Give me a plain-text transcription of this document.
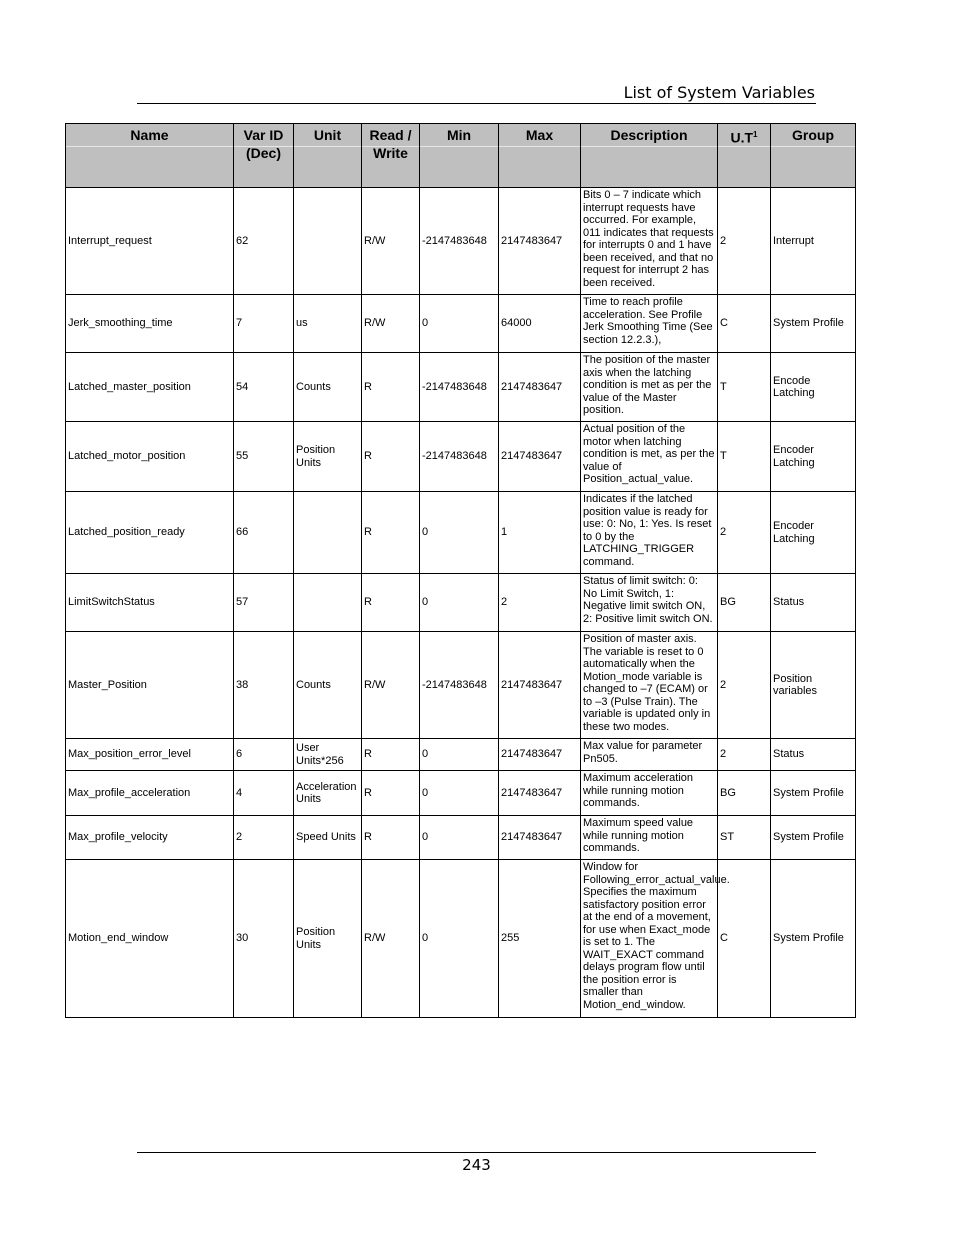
List of System Variables
Name	Var ID (Dec)	Unit	Read / Write	Min	Max	Description	$U.T^1$	Group

Interrupt_request	62		R/W	-2147483648	2147483647	Bits 0 – 7 indicate which interrupt requests have occurred. For example, 011 indicates that requests for interrupts 0 and 1 have been received, and that no request for interrupt 2 has been received.	2	Interrupt
Jerk_smoothing_time	7	us	R/W	0	64000	Time to reach profile acceleration. See Profile Jerk Smoothing Time (See section 12.2.3.),	C	System Profile
Latched_master_position	54	Counts	R	-2147483648	2147483647	The position of the master axis when the latching condition is met as per the value of the Master position.	T	Encode Latching
Latched_motor_position	55	Position Units	R	-2147483648	2147483647	Actual position of the motor when latching condition is met, as per the value of Position_actual_value.	T	Encoder Latching
Latched_position_ready	66		R	0	1	Indicates if the latched position value is ready for use: 0: No, 1: Yes. Is reset to 0 by the LATCHING_TRIGGER command.	2	Encoder Latching
LimitSwitchStatus	57		R	0	2	Status of limit switch: 0: No Limit Switch, 1: Negative limit switch ON, 2: Positive limit switch ON.	BG	Status
Master_Position	38	Counts	R/W	-2147483648	2147483647	Position of master axis. The variable is reset to 0 automatically when the Motion_mode variable is changed to –7 (ECAM) or to –3 (Pulse Train). The variable is updated only in these two modes.	2	Position variables
Max_position_error_level	6	User Units*256	R	0	2147483647	Max value for parameter Pn505.	2	Status
Max_profile_acceleration	4	Acceleration Units	R	0	2147483647	Maximum acceleration while running motion commands.	BG	System Profile
Max_profile_velocity	2	Speed Units	R	0	2147483647	Maximum speed value while running motion commands.	ST	System Profile
Motion_end_window	30	Position Units	R/W	0	255	Window for Following_error_actual_value. Specifies the maximum satisfactory position error at the end of a movement, for use when Exact_mode is set to 1. The WAIT_EXACT command delays program flow until the position error is smaller than Motion_end_window.	C	System Profile
243
